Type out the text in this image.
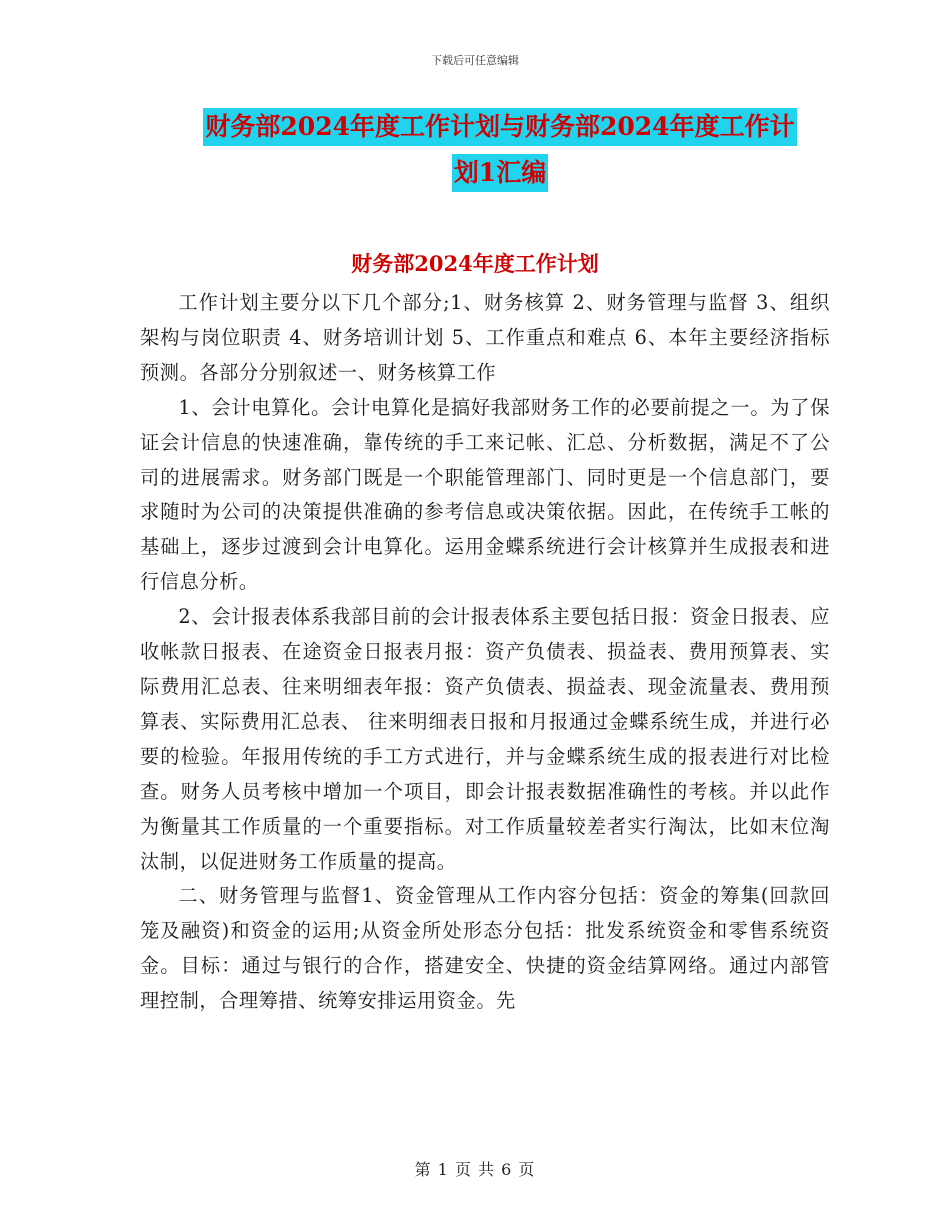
下载后可任意编辑
财务部2024年度工作计划与财务部2024年度工作计
划1汇编
财务部2024年度工作计划

工作计划主要分以下几个部分;1、财务核算 2、财务管理与监督 3、组织架构与岗位职责 4、财务培训计划 5、工作重点和难点 6、本年主要经济指标预测。各部分分别叙述一、财务核算工作

1、会计电算化。会计电算化是搞好我部财务工作的必要前提之一。为了保证会计信息的快速准确，靠传统的手工来记帐、汇总、分析数据，满足不了公司的进展需求。财务部门既是一个职能管理部门、同时更是一个信息部门，要求随时为公司的决策提供准确的参考信息或决策依据。因此，在传统手工帐的基础上，逐步过渡到会计电算化。运用金蝶系统进行会计核算并生成报表和进行信息分析。

2、会计报表体系我部目前的会计报表体系主要包括日报：资金日报表、应收帐款日报表、在途资金日报表月报：资产负债表、损益表、费用预算表、实际费用汇总表、往来明细表年报：资产负债表、损益表、现金流量表、费用预算表、实际费用汇总表、 往来明细表日报和月报通过金蝶系统生成，并进行必要的检验。年报用传统的手工方式进行，并与金蝶系统生成的报表进行对比检查。财务人员考核中增加一个项目，即会计报表数据准确性的考核。并以此作为衡量其工作质量的一个重要指标。对工作质量较差者实行淘汰，比如末位淘汰制，以促进财务工作质量的提高。

二、财务管理与监督1、资金管理从工作内容分包括：资金的筹集(回款回笼及融资)和资金的运用;从资金所处形态分包括：批发系统资金和零售系统资金。目标：通过与银行的合作，搭建安全、快捷的资金结算网络。通过内部管理控制，合理筹措、统筹安排运用资金。先

第 1 页 共 6 页
